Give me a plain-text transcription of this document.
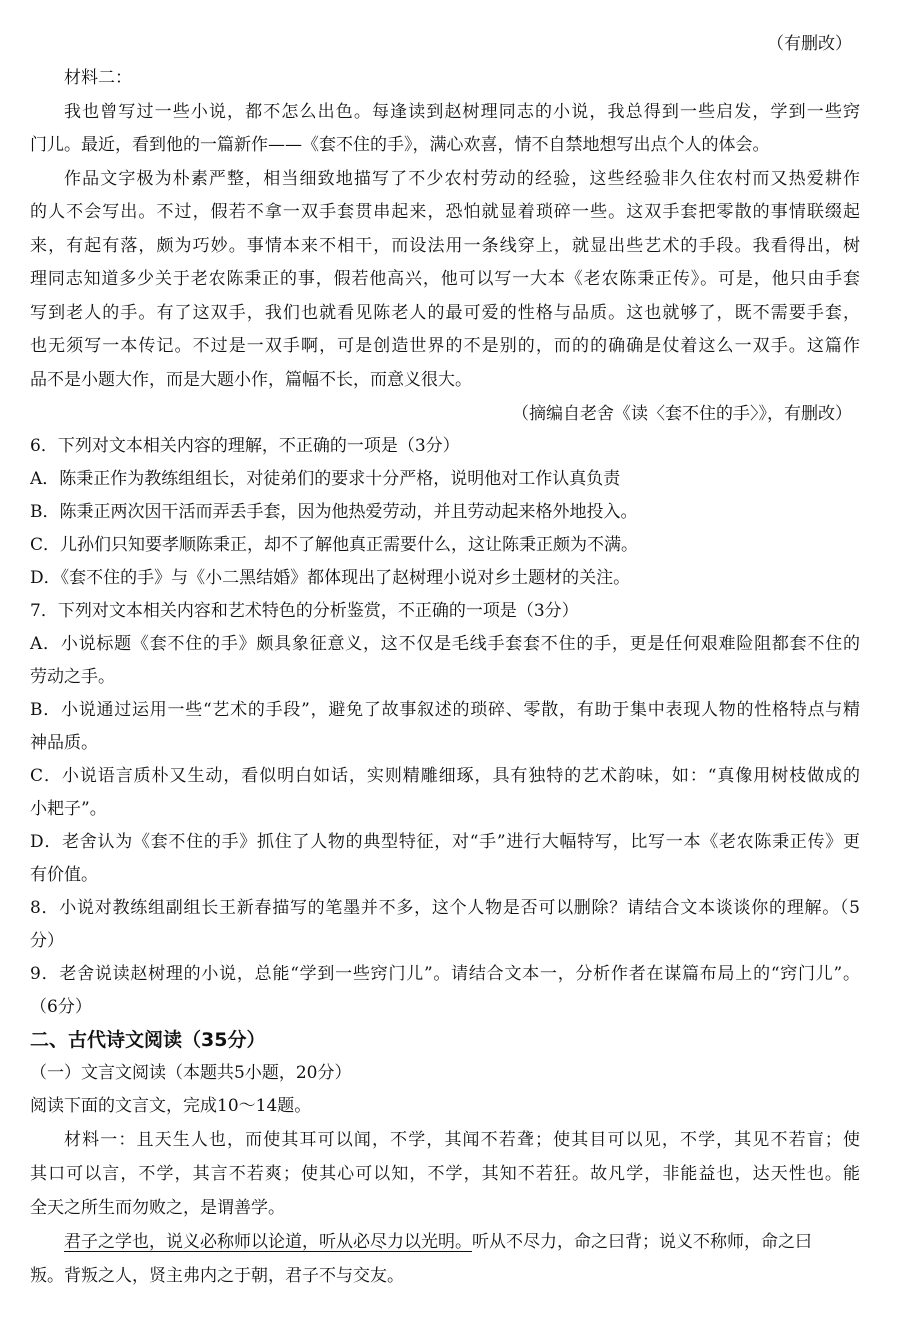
（有删改）
材料二：
我也曾写过一些小说，都不怎么出色。每逢读到赵树理同志的小说，我总得到一些启发，学到一些窍
门儿。最近，看到他的一篇新作——《套不住的手》，满心欢喜，情不自禁地想写出点个人的体会。
作品文字极为朴素严整，相当细致地描写了不少农村劳动的经验，这些经验非久住农村而又热爱耕作
的人不会写出。不过，假若不拿一双手套贯串起来，恐怕就显着琐碎一些。这双手套把零散的事情联缀起
来，有起有落，颇为巧妙。事情本来不相干，而设法用一条线穿上，就显出些艺术的手段。我看得出，树
理同志知道多少关于老农陈秉正的事，假若他高兴，他可以写一大本《老农陈秉正传》。可是，他只由手套
写到老人的手。有了这双手，我们也就看见陈老人的最可爱的性格与品质。这也就够了，既不需要手套，
也无须写一本传记。不过是一双手啊，可是创造世界的不是别的，而的的确确是仗着这么一双手。这篇作
品不是小题大作，而是大题小作，篇幅不长，而意义很大。
（摘编自老舍《读〈套不住的手〉》，有删改）
6．下列对文本相关内容的理解，不正确的一项是（3分）
A．陈秉正作为教练组组长，对徒弟们的要求十分严格，说明他对工作认真负责
B．陈秉正两次因干活而弄丢手套，因为他热爱劳动，并且劳动起来格外地投入。
C．儿孙们只知要孝顺陈秉正，却不了解他真正需要什么，这让陈秉正颇为不满。
D．《套不住的手》与《小二黑结婚》都体现出了赵树理小说对乡土题材的关注。
7．下列对文本相关内容和艺术特色的分析鉴赏，不正确的一项是（3分）
A．小说标题《套不住的手》颇具象征意义，这不仅是毛线手套套不住的手，更是任何艰难险阻都套不住的
劳动之手。
B．小说通过运用一些“艺术的手段”，避免了故事叙述的琐碎、零散，有助于集中表现人物的性格特点与精
神品质。
C．小说语言质朴又生动，看似明白如话，实则精雕细琢，具有独特的艺术韵味，如：“真像用树枝做成的
小耙子”。
D．老舍认为《套不住的手》抓住了人物的典型特征，对“手”进行大幅特写，比写一本《老农陈秉正传》更
有价值。
8．小说对教练组副组长王新春描写的笔墨并不多，这个人物是否可以删除？请结合文本谈谈你的理解。（5
分）
9．老舍说读赵树理的小说，总能“学到一些窍门儿”。请结合文本一，分析作者在谋篇布局上的“窍门儿”。
（6分）
二、古代诗文阅读（35分）
（一）文言文阅读（本题共5小题，20分）
阅读下面的文言文，完成10～14题。
材料一：且天生人也，而使其耳可以闻，不学，其闻不若聋；使其目可以见，不学，其见不若盲；使
其口可以言，不学，其言不若爽；使其心可以知，不学，其知不若狂。故凡学，非能益也，达天性也。能
全天之所生而勿败之，是谓善学。
君子之学也，说义必称师以论道，听从必尽力以光明。听从不尽力，命之曰背；说义不称师，命之曰
叛。背叛之人，贤主弗内之于朝，君子不与交友。
